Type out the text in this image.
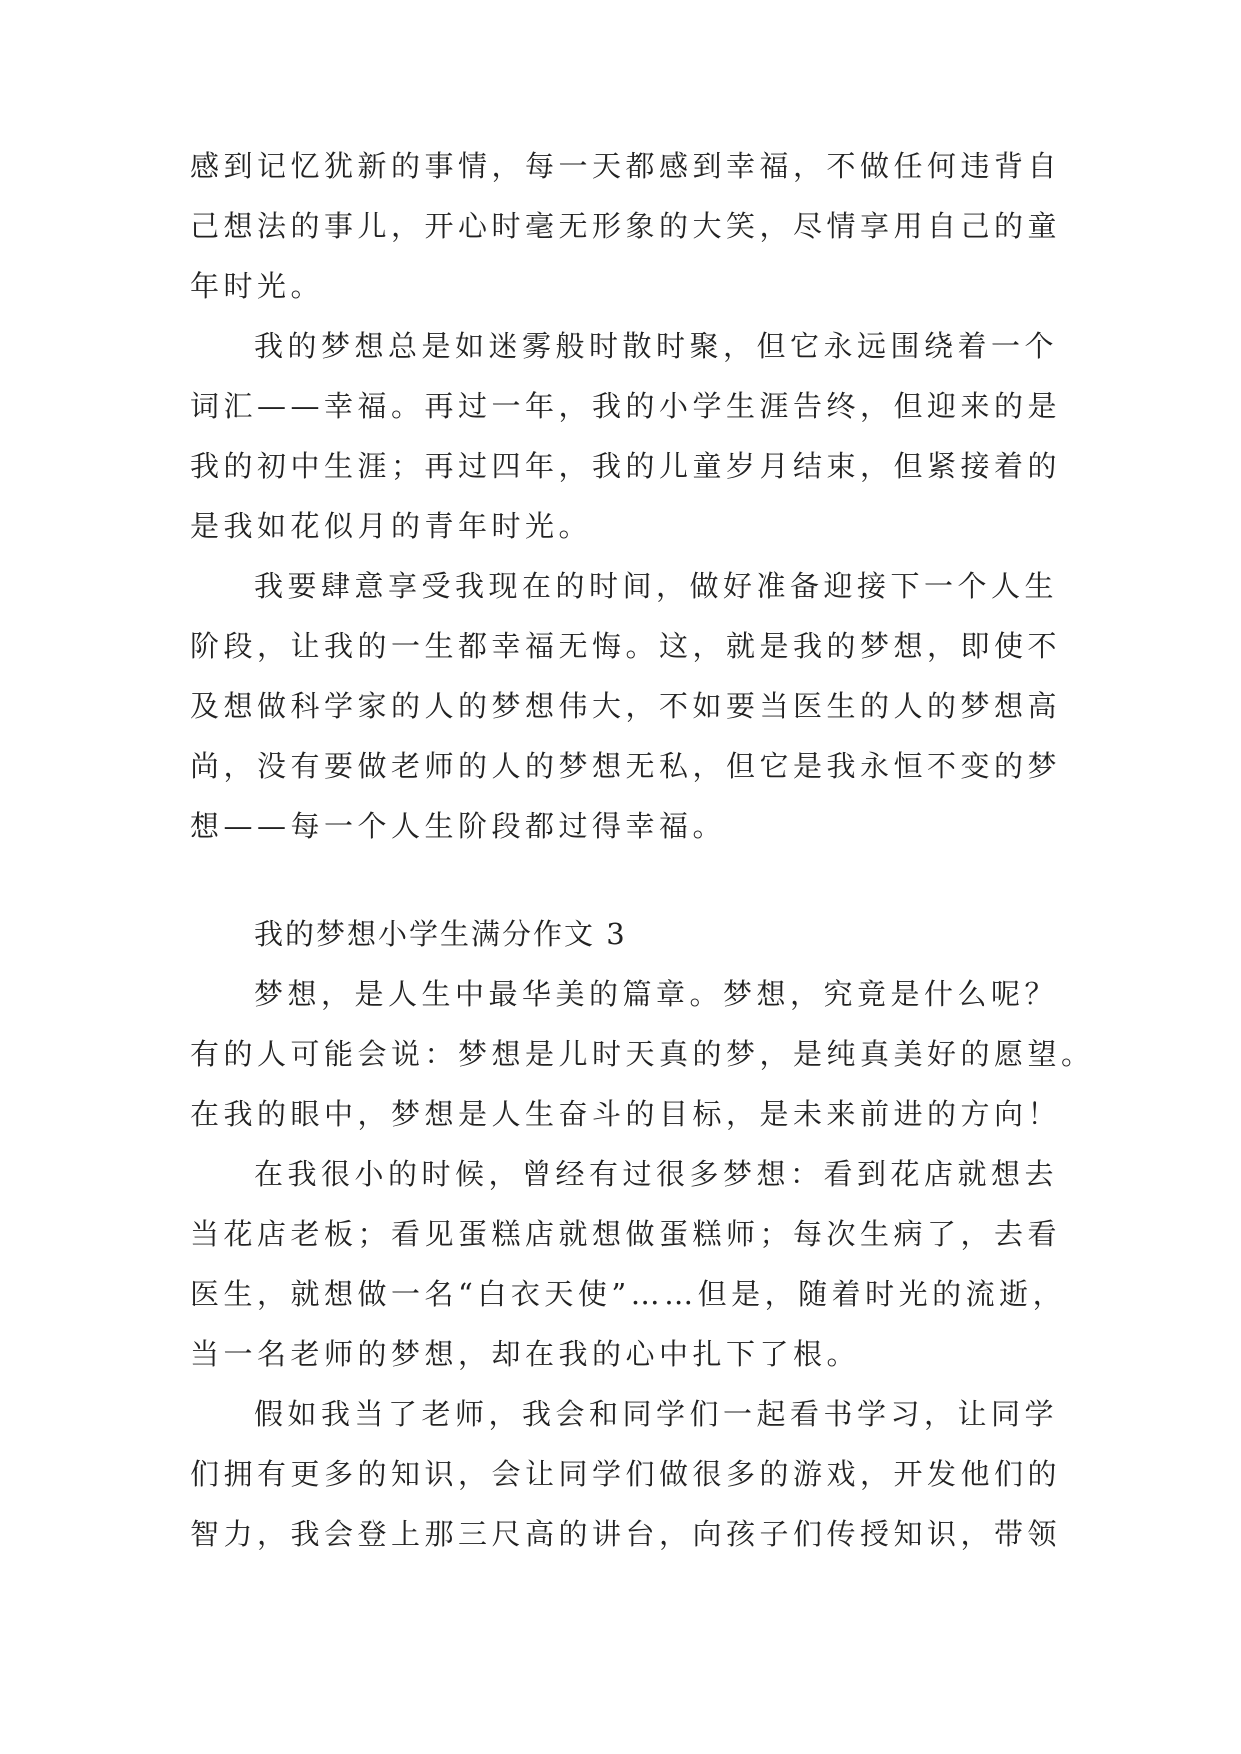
感到记忆犹新的事情，每一天都感到幸福，不做任何违背自
己想法的事儿，开心时毫无形象的大笑，尽情享用自己的童
年时光。
我的梦想总是如迷雾般时散时聚，但它永远围绕着一个
词汇——幸福。再过一年，我的小学生涯告终，但迎来的是
我的初中生涯；再过四年，我的儿童岁月结束，但紧接着的
是我如花似月的青年时光。
我要肆意享受我现在的时间，做好准备迎接下一个人生
阶段，让我的一生都幸福无悔。这，就是我的梦想，即使不
及想做科学家的人的梦想伟大，不如要当医生的人的梦想高
尚，没有要做老师的人的梦想无私，但它是我永恒不变的梦
想——每一个人生阶段都过得幸福。
我的梦想小学生满分作文 3
梦想，是人生中最华美的篇章。梦想，究竟是什么呢？
有的人可能会说：梦想是儿时天真的梦，是纯真美好的愿望。
在我的眼中，梦想是人生奋斗的目标，是未来前进的方向！
在我很小的时候，曾经有过很多梦想：看到花店就想去
当花店老板；看见蛋糕店就想做蛋糕师；每次生病了，去看
医生，就想做一名“白衣天使”……但是，随着时光的流逝，
当一名老师的梦想，却在我的心中扎下了根。
假如我当了老师，我会和同学们一起看书学习，让同学
们拥有更多的知识，会让同学们做很多的游戏，开发他们的
智力，我会登上那三尺高的讲台，向孩子们传授知识，带领
